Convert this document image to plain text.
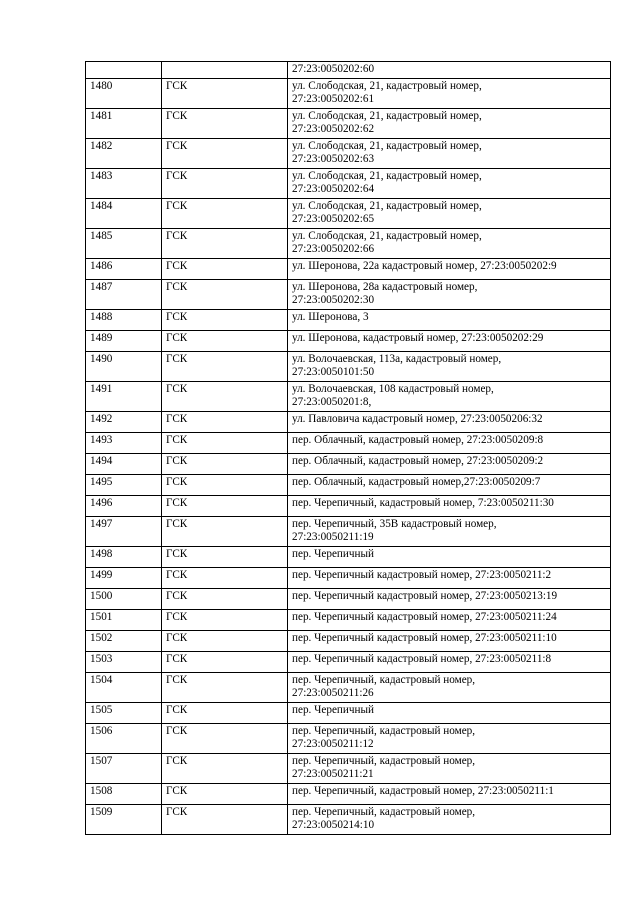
		27:23:0050202:60

1480	ГСК	ул. Слободская, 21, кадастровый номер,
27:23:0050202:61

1481	ГСК	ул. Слободская, 21, кадастровый номер,
27:23:0050202:62

1482	ГСК	ул. Слободская, 21, кадастровый номер,
27:23:0050202:63

1483	ГСК	ул. Слободская, 21, кадастровый номер,
27:23:0050202:64

1484	ГСК	ул. Слободская, 21, кадастровый номер,
27:23:0050202:65

1485	ГСК	ул. Слободская, 21, кадастровый номер,
27:23:0050202:66

1486	ГСК	ул. Шеронова, 22а кадастровый номер, 27:23:0050202:9

1487	ГСК	ул. Шеронова, 28а кадастровый номер,
27:23:0050202:30

1488	ГСК	ул. Шеронова, 3

1489	ГСК	ул. Шеронова, кадастровый номер, 27:23:0050202:29

1490	ГСК	ул. Волочаевская, 113а, кадастровый номер,
27:23:0050101:50

1491	ГСК	ул. Волочаевская, 108 кадастровый номер,
27:23:0050201:8,

1492	ГСК	ул. Павловича кадастровый номер, 27:23:0050206:32

1493	ГСК	пер. Облачный, кадастровый номер, 27:23:0050209:8

1494	ГСК	пер. Облачный, кадастровый номер, 27:23:0050209:2

1495	ГСК	пер. Облачный, кадастровый номер,27:23:0050209:7

1496	ГСК	пер. Черепичный, кадастровый номер, 7:23:0050211:30

1497	ГСК	пер. Черепичный, 35В кадастровый номер,
27:23:0050211:19

1498	ГСК	пер. Черепичный

1499	ГСК	пер. Черепичный кадастровый номер, 27:23:0050211:2

1500	ГСК	пер. Черепичный кадастровый номер, 27:23:0050213:19

1501	ГСК	пер. Черепичный кадастровый номер, 27:23:0050211:24

1502	ГСК	пер. Черепичный кадастровый номер, 27:23:0050211:10

1503	ГСК	пер. Черепичный кадастровый номер, 27:23:0050211:8

1504	ГСК	пер. Черепичный, кадастровый номер,
27:23:0050211:26

1505	ГСК	пер. Черепичный

1506	ГСК	пер. Черепичный, кадастровый номер,
27:23:0050211:12

1507	ГСК	пер. Черепичный, кадастровый номер,
27:23:0050211:21

1508	ГСК	пер. Черепичный, кадастровый номер, 27:23:0050211:1

1509	ГСК	пер. Черепичный, кадастровый номер,
27:23:0050214:10
